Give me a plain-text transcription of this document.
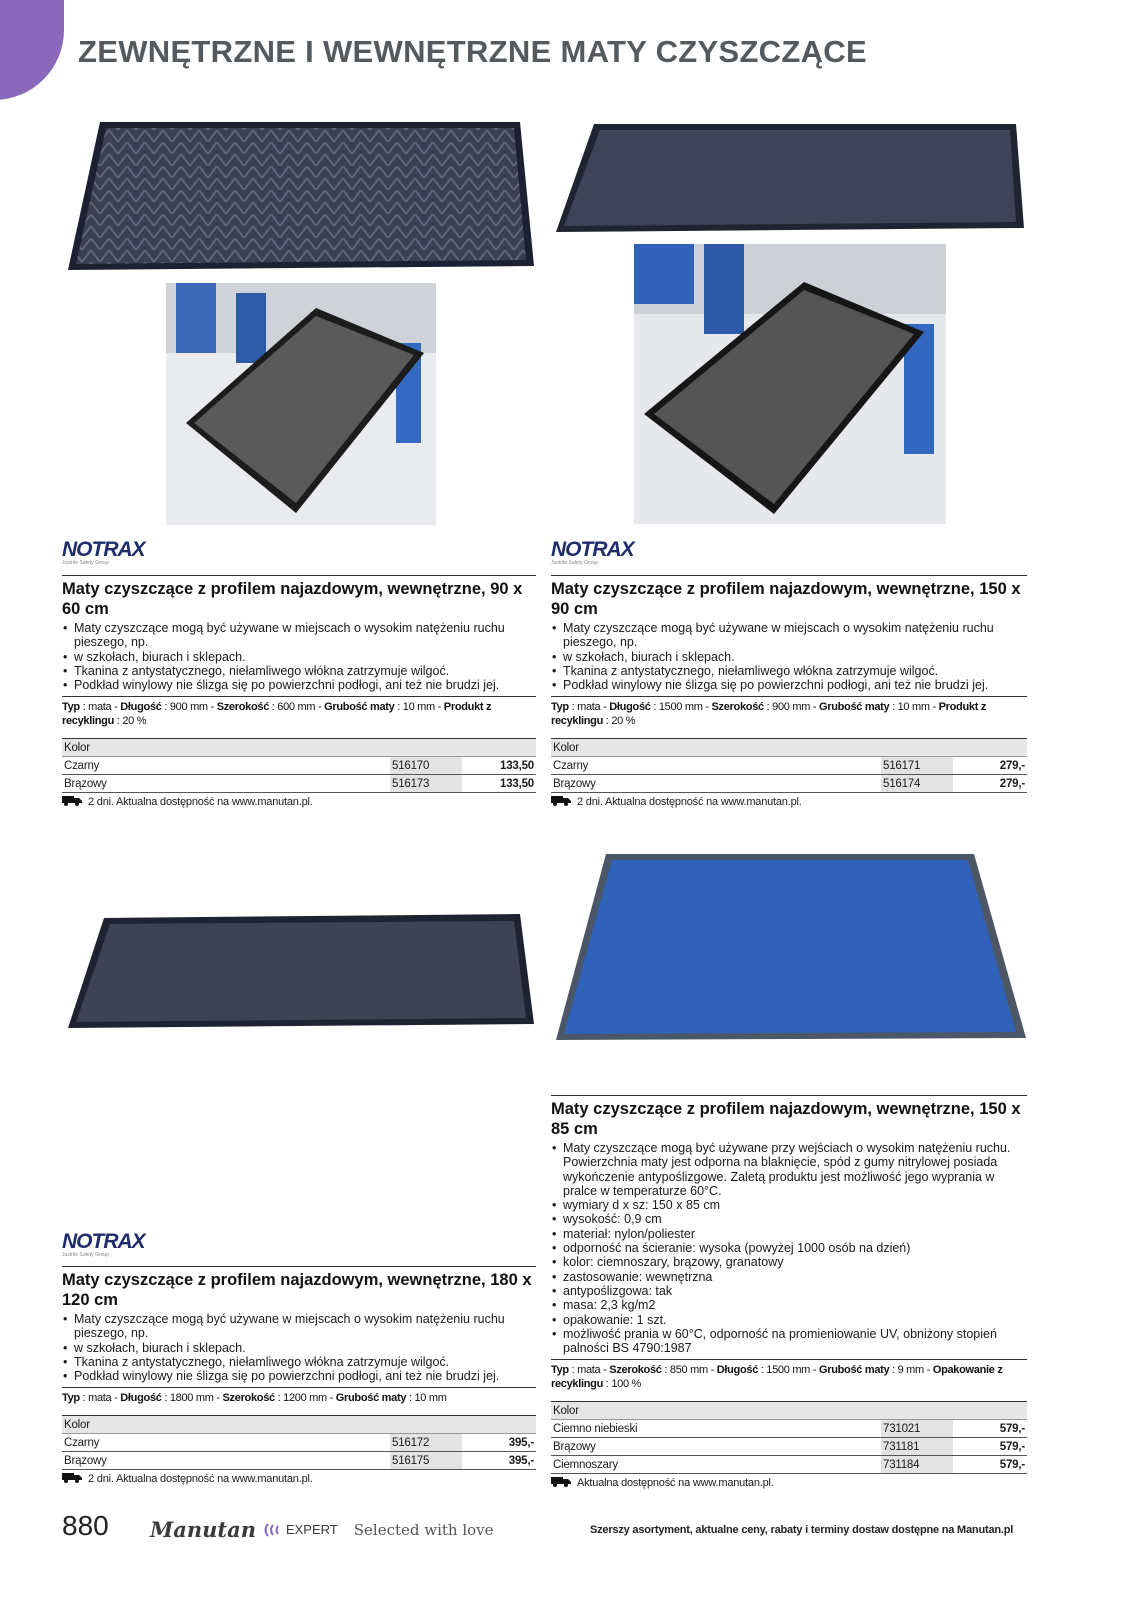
ZEWNĘTRZNE I WEWNĘTRZNE MATY CZYSZCZĄCE
NOTRAX
Justrite Safety Group
NOTRAX
Justrite Safety Group
NOTRAX
Justrite Safety Group
Maty czyszczące z profilem najazdowym, wewnętrzne, 90 x 60 cm
• Maty czyszczące mogą być używane w miejscach o wysokim natężeniu ruchu pieszego, np.
• w szkołach, biurach i sklepach.
• Tkanina z antystatycznego, niełamliwego włókna zatrzymuje wilgoć.
• Podkład winylowy nie ślizga się po powierzchni podłogi, ani też nie brudzi jej.
Typ : mata - Długość : 900 mm - Szerokość : 600 mm - Grubość maty : 10 mm - Produkt z recyklingu : 20 %
Kolor		
Czarny	516170	133,50
Brązowy	516173	133,50
2 dni. Aktualna dostępność na www.manutan.pl.
Maty czyszczące z profilem najazdowym, wewnętrzne, 150 x 90 cm
• Maty czyszczące mogą być używane w miejscach o wysokim natężeniu ruchu pieszego, np.
• w szkołach, biurach i sklepach.
• Tkanina z antystatycznego, niełamliwego włókna zatrzymuje wilgoć.
• Podkład winylowy nie ślizga się po powierzchni podłogi, ani też nie brudzi jej.
Typ : mata - Długość : 1500 mm - Szerokość : 900 mm - Grubość maty : 10 mm - Produkt z recyklingu : 20 %
Kolor		
Czarny	516171	279,-
Brązowy	516174	279,-
2 dni. Aktualna dostępność na www.manutan.pl.
Maty czyszczące z profilem najazdowym, wewnętrzne, 180 x 120 cm
• Maty czyszczące mogą być używane w miejscach o wysokim natężeniu ruchu pieszego, np.
• w szkołach, biurach i sklepach.
• Tkanina z antystatycznego, niełamliwego włókna zatrzymuje wilgoć.
• Podkład winylowy nie ślizga się po powierzchni podłogi, ani też nie brudzi jej.
Typ : mata - Długość : 1800 mm - Szerokość : 1200 mm - Grubość maty : 10 mm
Kolor		
Czarny	516172	395,-
Brązowy	516175	395,-
2 dni. Aktualna dostępność na www.manutan.pl.
Maty czyszczące z profilem najazdowym, wewnętrzne, 150 x 85 cm
• Maty czyszczące mogą być używane przy wejściach o wysokim natężeniu ruchu. Powierzchnia maty jest odporna na blaknięcie, spód z gumy nitrylowej posiada wykończenie antypoślizgowe. Zaletą produktu jest możliwość jego wyprania w pralce w temperaturze 60°C.
• wymiary d x sz: 150 x 85 cm
• wysokość: 0,9 cm
• materiał: nylon/poliester
• odporność na ścieranie: wysoka (powyżej 1000 osób na dzień)
• kolor: ciemnoszary, brązowy, granatowy
• zastosowanie: wewnętrzna
• antypoślizgowa: tak
• masa: 2,3 kg/m2
• opakowanie: 1 szt.
• możliwość prania w 60°C, odporność na promieniowanie UV, obniżony stopień palności BS 4790:1987
Typ : mata - Szerokość : 850 mm - Długość : 1500 mm - Grubość maty : 9 mm - Opakowanie z recyklingu : 100 %
Kolor		
Ciemno niebieski	731021	579,-
Brązowy	731181	579,-
Ciemnoszary	731184	579,-
Aktualna dostępność na www.manutan.pl.

880 Manutan EXPERT Selected with love	Szerszy asortyment, aktualne ceny, rabaty i terminy dostaw dostępne na Manutan.pl
